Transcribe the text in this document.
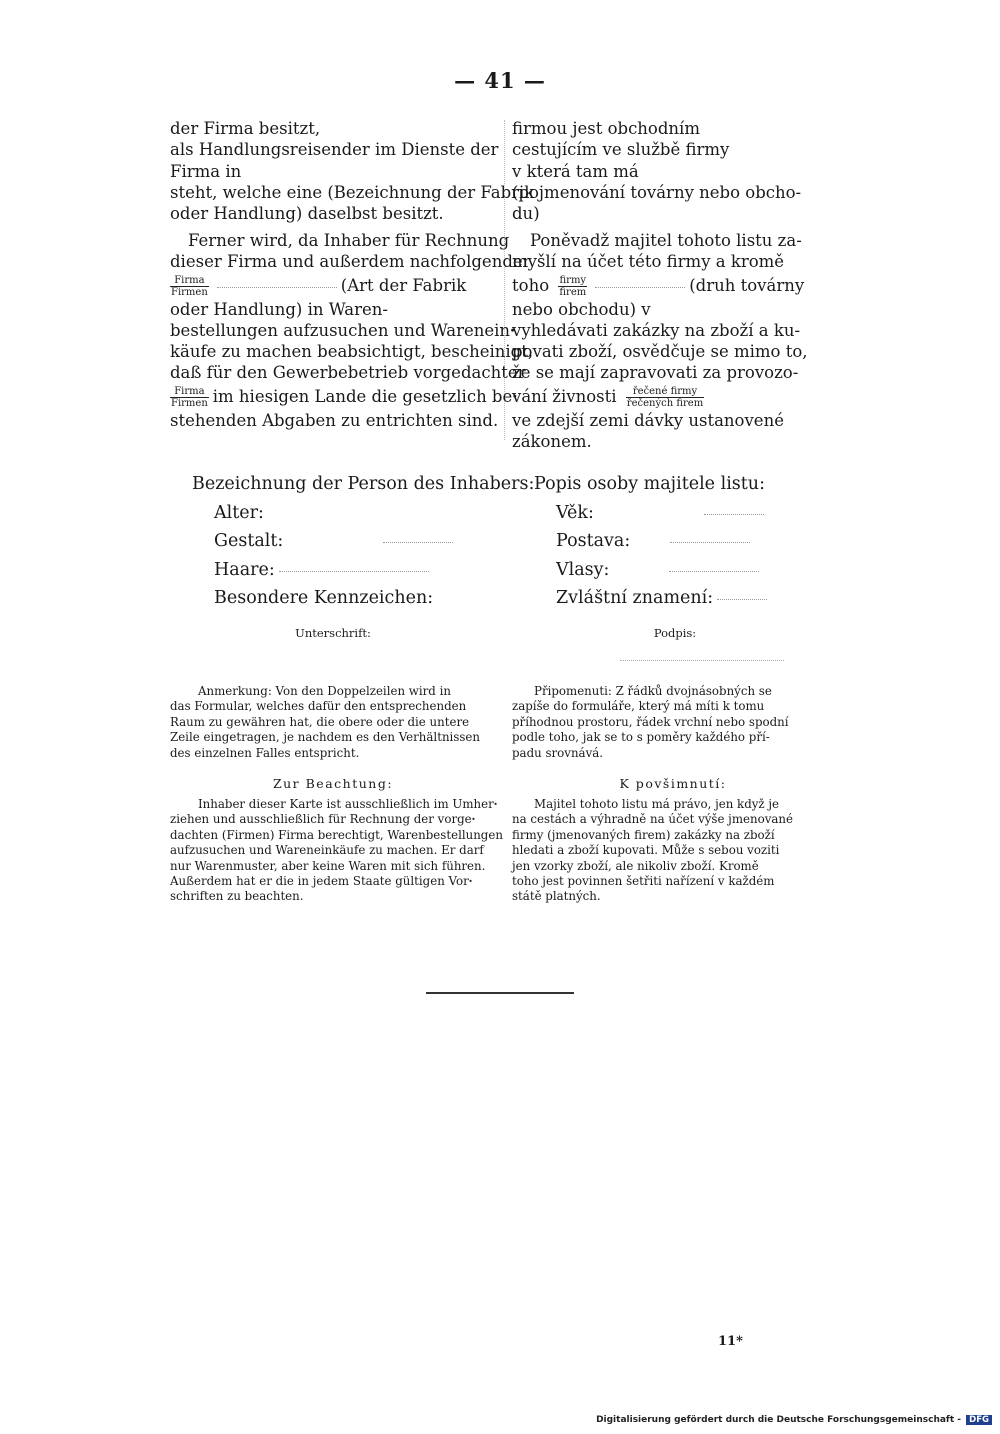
— 41 —
der Firma besitzt,
als Handlungsreisender im Dienste der
Firma in
steht, welche eine (Bezeichnung der Fabrik
oder Handlung) daselbst besitzt.
Ferner wird, da Inhaber für Rechnung
dieser Firma und außerdem nachfolgender
$\frac{\text{Firma}}{\text{Firmen}}$	(Art der Fabrik
oder Handlung) in Waren-
bestellungen aufzusuchen und Wareneinꞏ
käufe zu machen beabsichtigt, bescheinigt,
daß für den Gewerbebetrieb vorgedachter
$\frac{\text{Firma}}{\text{Firmen}}$ im hiesigen Lande die gesetzlich beꞏ
stehenden Abgaben zu entrichten sind.
Bezeichnung der Person des Inhabers:
Alter:
Gestalt:
Haare:
Besondere Kennzeichen:
Unterschrift:
Anmerkung: Von den Doppelzeilen wird in
das Formular, welches dafür den entsprechenden
Raum zu gewähren hat, die obere oder die untere
Zeile eingetragen, je nachdem es den Verhältnissen
des einzelnen Falles entspricht.
Zur Beachtung:
Inhaber dieser Karte ist ausschließlich im Umherꞏ
ziehen und ausschließlich für Rechnung der vorgeꞏ
dachten (Firmen) Firma berechtigt, Warenbestellungen
aufzusuchen und Wareneinkäufe zu machen. Er darf
nur Warenmuster, aber keine Waren mit sich führen.
Außerdem hat er die in jedem Staate gültigen Vorꞏ
schriften zu beachten.
firmou jest obchodním
cestujícím ve službě firmy
v která tam má
(pojmenování továrny nebo obcho-
du)
Poněvadž majitel tohoto listu za-
myšlí na účet této firmy a kromě
toho $\frac{\text{firmy}}{\text{firem}}$	(druh továrny
nebo obchodu) v
vyhledávati zakázky na zboží a ku-
povati zboží, osvědčuje se mimo to,
že se mají zapravovati za provozo-
vání živnosti $\frac{\text{řečené firmy}}{\text{řečených firem}}$
ve zdejší zemi dávky ustanovené
zákonem.
Popis osoby majitele listu:
Věk:
Postava:
Vlasy:
Zvláštní znamení:
Podpis:
Připomenuti: Z řádků dvojnásobných se
zapíše do formuláře, který má míti k tomu
příhodnou prostoru, řádek vrchní nebo spodní
podle toho, jak se to s poměry každého pří-
padu srovnává.
K povšimnutí:
Majitel tohoto listu má právo, jen když je
na cestách a výhradně na účet výše jmenované
firmy (jmenovaných firem) zakázky na zboží
hledati a zboží kupovati. Může s sebou voziti
jen vzorky zboží, ale nikoliv zboží. Kromě
toho jest povinnen šetřiti nařízení v každém
státě platných.
11*
Digitalisierung gefördert durch die Deutsche Forschungsgemeinschaft - DFG
